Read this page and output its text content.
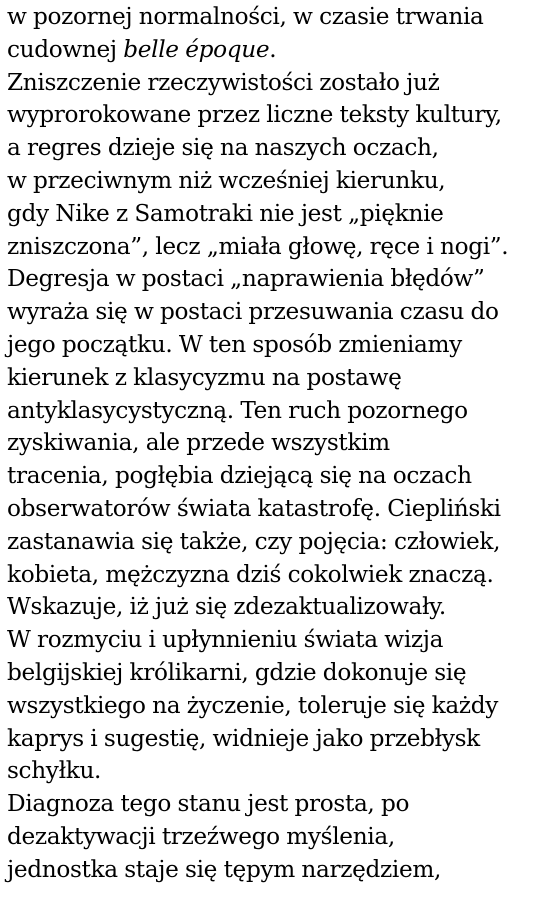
w pozornej normalności, w czasie trwania
cudownej belle époque.
Zniszczenie rzeczywistości zostało już
wyprorokowane przez liczne teksty kultury,
a regres dzieje się na naszych oczach,
w przeciwnym niż wcześniej kierunku,
gdy Nike z Samotraki nie jest „pięknie
zniszczona”, lecz „miała głowę, ręce i nogi”.
Degresja w postaci „naprawienia błędów”
wyraża się w postaci przesuwania czasu do
jego początku. W ten sposób zmieniamy
kierunek z klasycyzmu na postawę
antyklasycystyczną. Ten ruch pozornego
zyskiwania, ale przede wszystkim
tracenia, pogłębia dziejącą się na oczach
obserwatorów świata katastrofę. Ciepliński
zastanawia się także, czy pojęcia: człowiek,
kobieta, mężczyzna dziś cokolwiek znaczą.
Wskazuje, iż już się zdezaktualizowały.
W rozmyciu i upłynnieniu świata wizja
belgijskiej królikarni, gdzie dokonuje się
wszystkiego na życzenie, toleruje się każdy
kaprys i sugestię, widnieje jako przebłysk
schyłku.
Diagnoza tego stanu jest prosta, po
dezaktywacji trzeźwego myślenia,
jednostka staje się tępym narzędziem,
